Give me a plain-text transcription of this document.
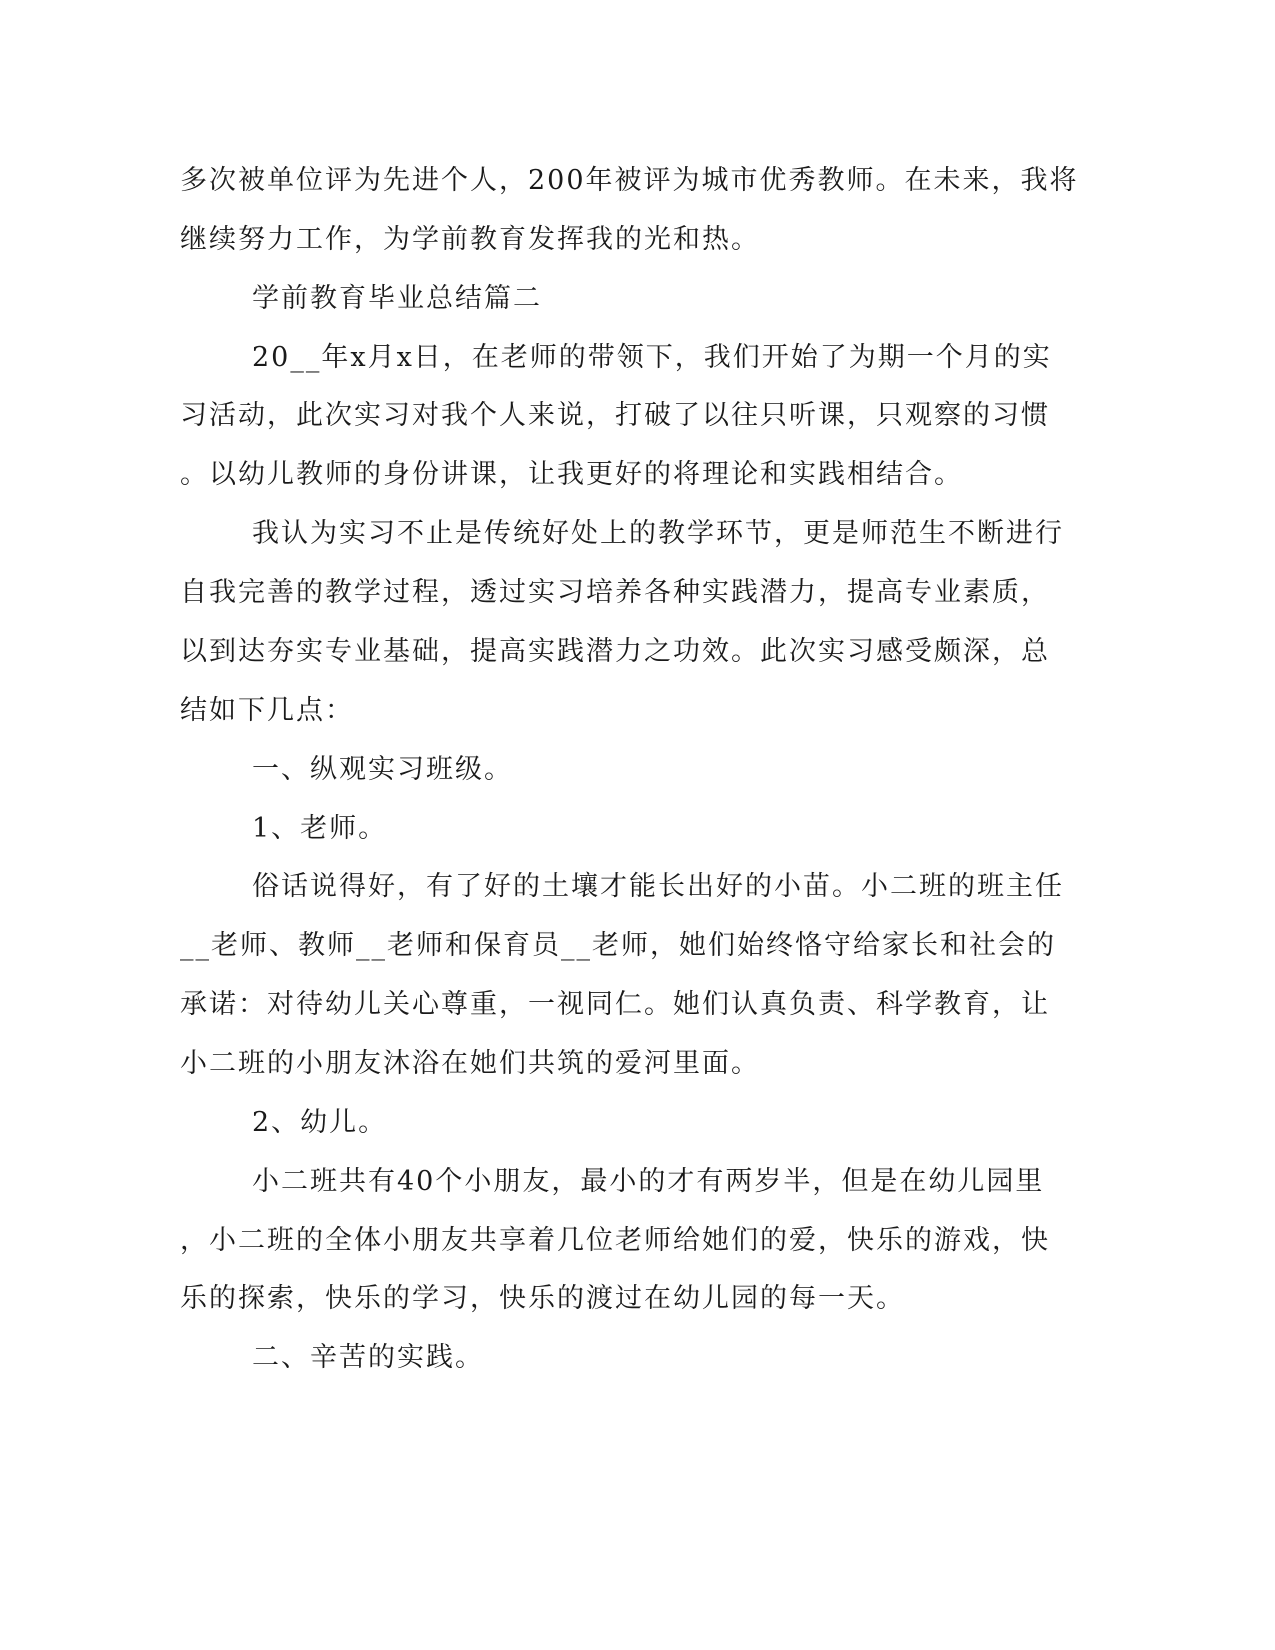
多次被单位评为先进个人，200年被评为城市优秀教师。在未来，我将
继续努力工作，为学前教育发挥我的光和热。
学前教育毕业总结篇二
20__年x月x日，在老师的带领下，我们开始了为期一个月的实
习活动，此次实习对我个人来说，打破了以往只听课，只观察的习惯
。以幼儿教师的身份讲课，让我更好的将理论和实践相结合。
我认为实习不止是传统好处上的教学环节，更是师范生不断进行
自我完善的教学过程，透过实习培养各种实践潜力，提高专业素质，
以到达夯实专业基础，提高实践潜力之功效。此次实习感受颇深，总
结如下几点：
一、纵观实习班级。
1、老师。
俗话说得好，有了好的土壤才能长出好的小苗。小二班的班主任
__老师、教师__老师和保育员__老师，她们始终恪守给家长和社会的
承诺：对待幼儿关心尊重，一视同仁。她们认真负责、科学教育，让
小二班的小朋友沐浴在她们共筑的爱河里面。
2、幼儿。
小二班共有40个小朋友，最小的才有两岁半，但是在幼儿园里
，小二班的全体小朋友共享着几位老师给她们的爱，快乐的游戏，快
乐的探索，快乐的学习，快乐的渡过在幼儿园的每一天。
二、辛苦的实践。
